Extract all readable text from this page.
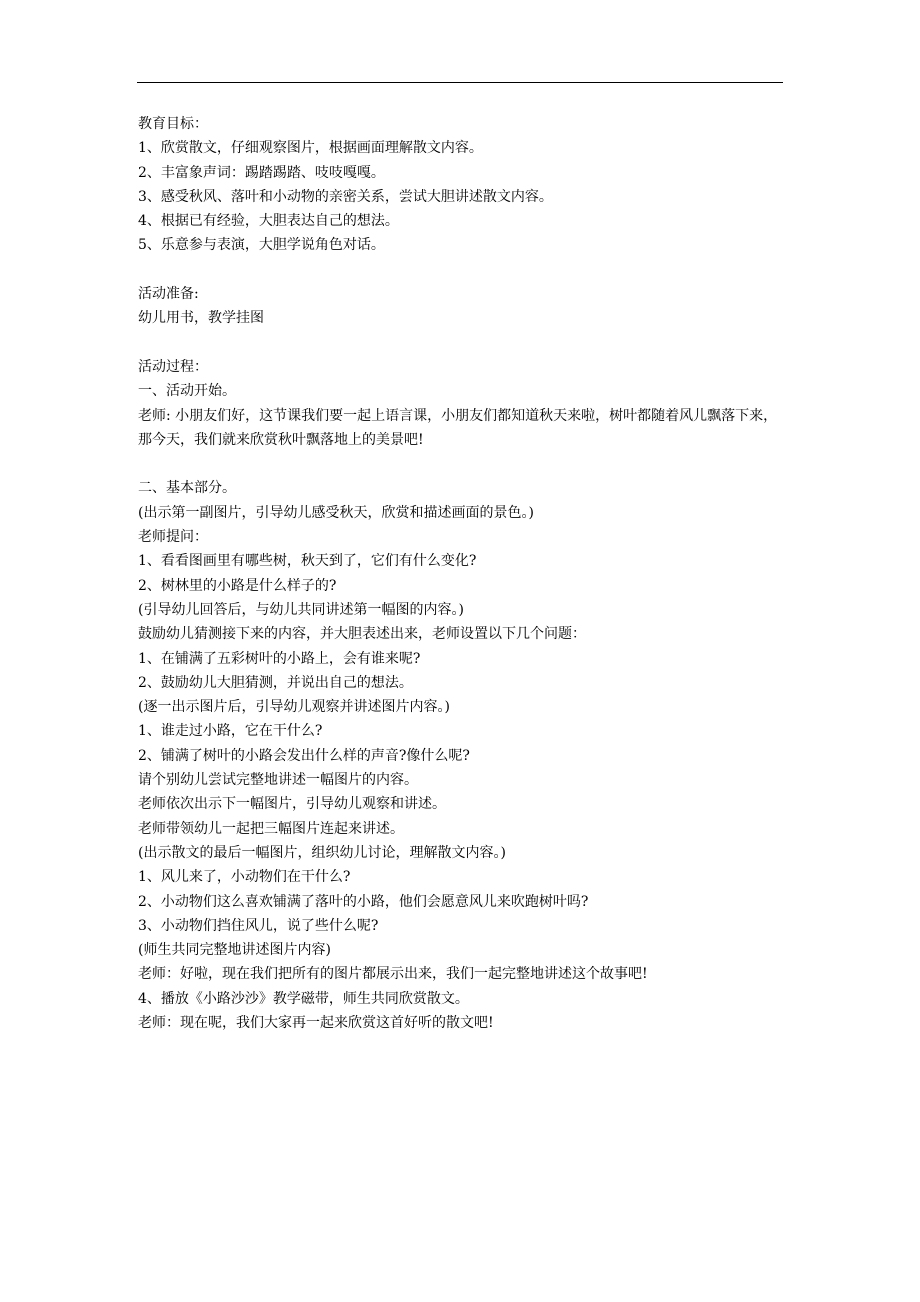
教育目标：
1、欣赏散文，仔细观察图片，根据画面理解散文内容。
2、丰富象声词：踢踏踢踏、吱吱嘎嘎。
3、感受秋风、落叶和小动物的亲密关系，尝试大胆讲述散文内容。
4、根据已有经验，大胆表达自己的想法。
5、乐意参与表演，大胆学说角色对话。
活动准备:
幼儿用书，教学挂图
活动过程：
一、活动开始。
老师: 小朋友们好，这节课我们要一起上语言课，小朋友们都知道秋天来啦，树叶都随着风儿飘落下来，那今天，我们就来欣赏秋叶飘落地上的美景吧!
二、基本部分。
(出示第一副图片，引导幼儿感受秋天，欣赏和描述画面的景色。)
老师提问：
1、看看图画里有哪些树，秋天到了，它们有什么变化?
2、树林里的小路是什么样子的?
(引导幼儿回答后，与幼儿共同讲述第一幅图的内容。)
鼓励幼儿猜测接下来的内容，并大胆表述出来，老师设置以下几个问题：
1、在铺满了五彩树叶的小路上，会有谁来呢?
2、鼓励幼儿大胆猜测，并说出自己的想法。
(逐一出示图片后，引导幼儿观察并讲述图片内容。)
1、谁走过小路，它在干什么?
2、铺满了树叶的小路会发出什么样的声音?像什么呢?
请个别幼儿尝试完整地讲述一幅图片的内容。
老师依次出示下一幅图片，引导幼儿观察和讲述。
老师带领幼儿一起把三幅图片连起来讲述。
(出示散文的最后一幅图片，组织幼儿讨论，理解散文内容。)
1、风儿来了，小动物们在干什么?
2、小动物们这么喜欢铺满了落叶的小路，他们会愿意风儿来吹跑树叶吗?
3、小动物们挡住风儿，说了些什么呢?
(师生共同完整地讲述图片内容)
老师：好啦，现在我们把所有的图片都展示出来，我们一起完整地讲述这个故事吧!
4、播放《小路沙沙》教学磁带，师生共同欣赏散文。
老师：现在呢，我们大家再一起来欣赏这首好听的散文吧!
